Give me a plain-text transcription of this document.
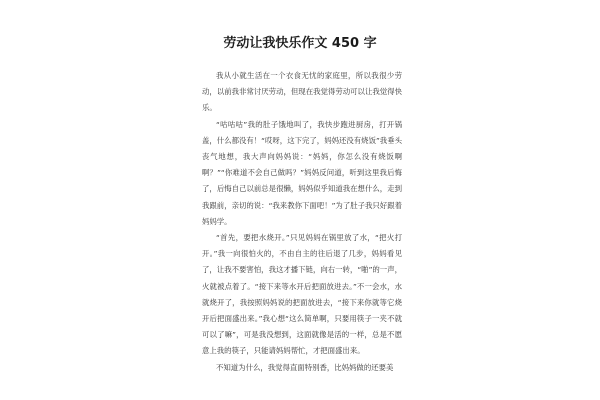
劳动让我快乐作文 450 字

我从小就生活在一个衣食无忧的家庭里，所以我很少劳动，以前我非常讨厌劳动，但现在我觉得劳动可以让我觉得快乐。

“咕咕咕”我的肚子饿地叫了，我快步跑进厨房，打开锅盖，什么都没有！“哎呀，这下完了，妈妈还没有烧饭”我垂头丧气地想，我大声向妈妈说：“妈妈，你怎么没有烧饭啊啊？”“你难道不会自己做吗？”妈妈反问道，听到这里我后悔了，后悔自己以前总是很懒，妈妈似乎知道我在想什么，走到我跟前，亲切的说：“我来教你下面吧！”为了肚子我只好跟着妈妈学。

“首先，要把水烧开。”只见妈妈在锅里放了水，“把火打开。”我一向很怕火的，不由自主的往后退了几步，妈妈看见了，让我不要害怕，我这才播下链，向右一转，“啪”的一声，火就被点着了。“接下来等水开后把面放进去。”不一会水，水就烧开了，我按照妈妈说的把面放进去，“接下来你就等它烧开后把面盛出来。”我心想“这么简单啊，只要用筷子一夹不就可以了嘛”，可是我没想到，这面就像是活的一样，总是不愿意上我的筷子，只能请妈妈帮忙，才把面盛出来。

不知道为什么，我觉得直面特别香，比妈妈做的还要美
